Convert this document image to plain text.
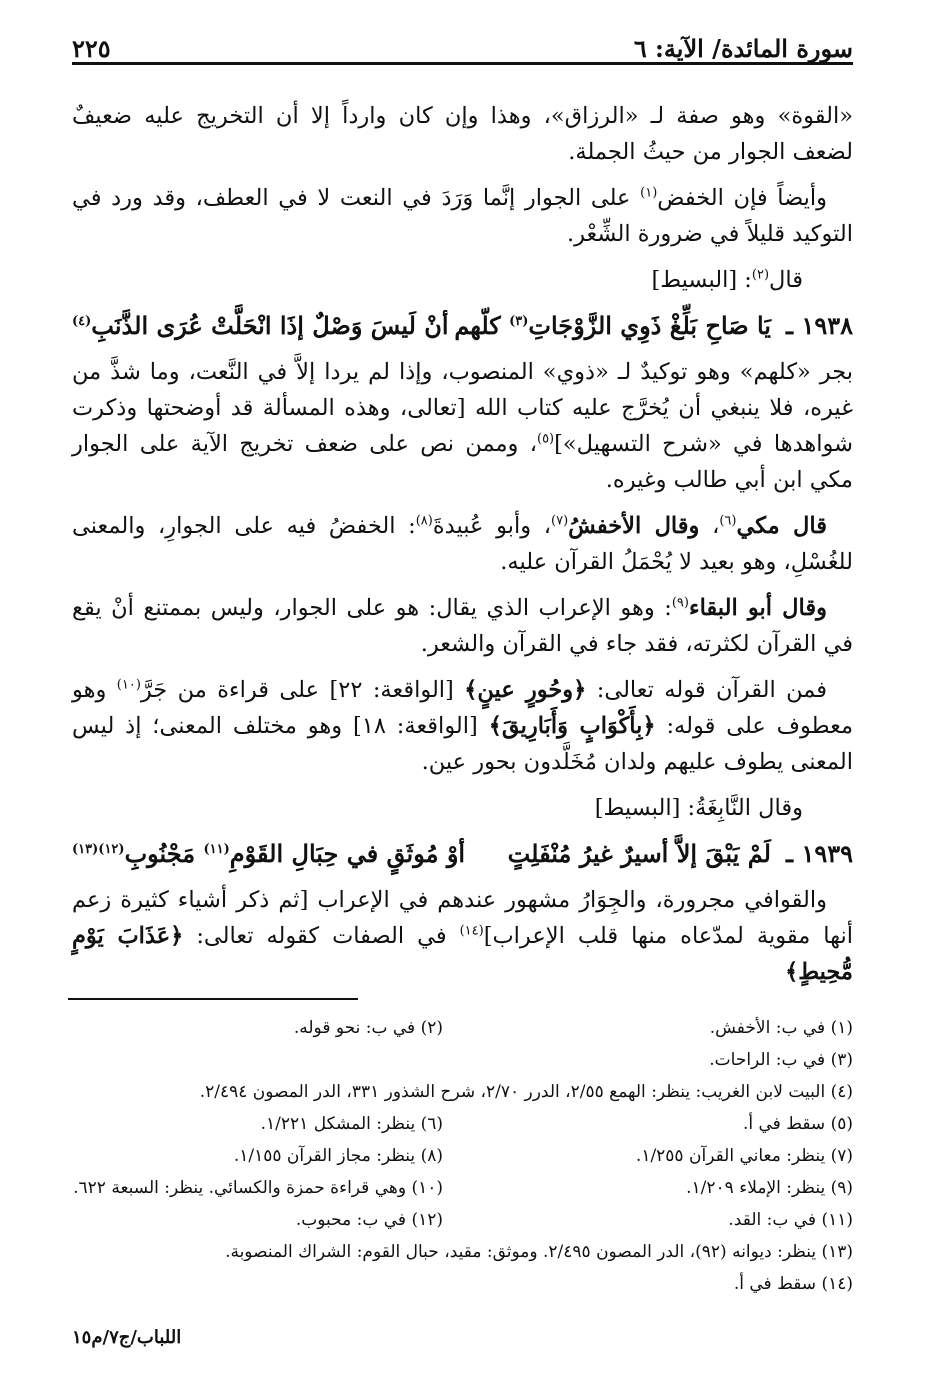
سورة المائدة/ الآية: ٦
٢٢٥

«القوة» وهو صفة لـ «الرزاق»، وهذا وإن كان وارداً إلا أن التخريج عليه ضعيفٌ لضعف الجوار من حيثُ الجملة.

وأيضاً فإن الخفض$^{(١)}$ على الجوار إنَّما وَرَدَ في النعت لا في العطف، وقد ورد في التوكيد قليلاً في ضرورة الشِّعْر.

قال$^{(٢)}$: [البسيط]

١٩٣٨ ـ
يَا صَاحِ بَلِّغْ ذَوِي الزَّوْجَاتِ$^{(٣)}$ كلّهم
أنْ لَيسَ وَصْلٌ إذَا انْحَلَّتْ عُرَى الذَّنَبِ$^{(٤)}$

بجر «كلهم» وهو توكيدٌ لـ «ذوي» المنصوب، وإذا لم يردا إلاَّ في النَّعت، وما شذَّ من غيره، فلا ينبغي أن يُخرَّج عليه كتاب الله [تعالى، وهذه المسألة قد أوضحتها وذكرت شواهدها في «شرح التسهيل»]$^{(٥)}$، وممن نص على ضعف تخريج الآية على الجوار مكي ابن أبي طالب وغيره.

قال مكي$^{(٦)}$، وقال الأخفشُ$^{(٧)}$، وأبو عُبيدةَ$^{(٨)}$: الخفضُ فيه على الجوارِ، والمعنى للغُسْلِ، وهو بعيد لا يُحْمَلُ القرآن عليه.

وقال أبو البقاء$^{(٩)}$: وهو الإعراب الذي يقال: هو على الجوار، وليس بممتنع أنْ يقع في القرآن لكثرته، فقد جاء في القرآن والشعر.

فمن القرآن قوله تعالى: ﴿وحُورٍ عينٍ﴾ [الواقعة: ٢٢] على قراءة من جَرَّ$^{(١٠)}$ وهو معطوف على قوله: ﴿بِأَكْوَابٍ وَأَبَارِيقَ﴾ [الواقعة: ١٨] وهو مختلف المعنى؛ إذ ليس المعنى يطوف عليهم ولدان مُخَلَّدون بحور عين.

وقال النَّابِغَةُ: [البسيط]

١٩٣٩ ـ
لَمْ يَبْقَ إلاَّ أسيرٌ غيرُ مُنْفَلِتٍ
أوْ مُوثَقٍ في حِبَالِ القَوْمِ$^{(١١)}$ مَجْنُوبِ$^{(١٢)(١٣)}$

والقوافي مجرورة، والجِوَارُ مشهور عندهم في الإعراب [ثم ذكر أشياء كثيرة زعم أنها مقوية لمدّعاه منها قلب الإعراب]$^{(١٤)}$ في الصفات كقوله تعالى: ﴿عَذَابَ يَوْمٍ مُّحِيطٍ﴾

(١) في ب: الأخفش.
(٢) في ب: نحو قوله.
(٣) في ب: الراحات.
(٤) البيت لابن الغريب: ينظر: الهمع ٢/٥٥، الدرر ٢/٧٠، شرح الشذور ٣٣١، الدر المصون ٢/٤٩٤.
(٥) سقط في أ.
(٦) ينظر: المشكل ١/٢٢١.
(٧) ينظر: معاني القرآن ١/٢٥٥.
(٨) ينظر: مجاز القرآن ١/١٥٥.
(٩) ينظر: الإملاء ١/٢٠٩.
(١٠) وهي قراءة حمزة والكسائي. ينظر: السبعة ٦٢٢.
(١١) في ب: القد.
(١٢) في ب: محبوب.
(١٣) ينظر: ديوانه (٩٢)، الدر المصون ٢/٤٩٥. وموثق: مقيد، حبال القوم: الشراك المنصوبة.
(١٤) سقط في أ.
اللباب/ج٧/م١٥
